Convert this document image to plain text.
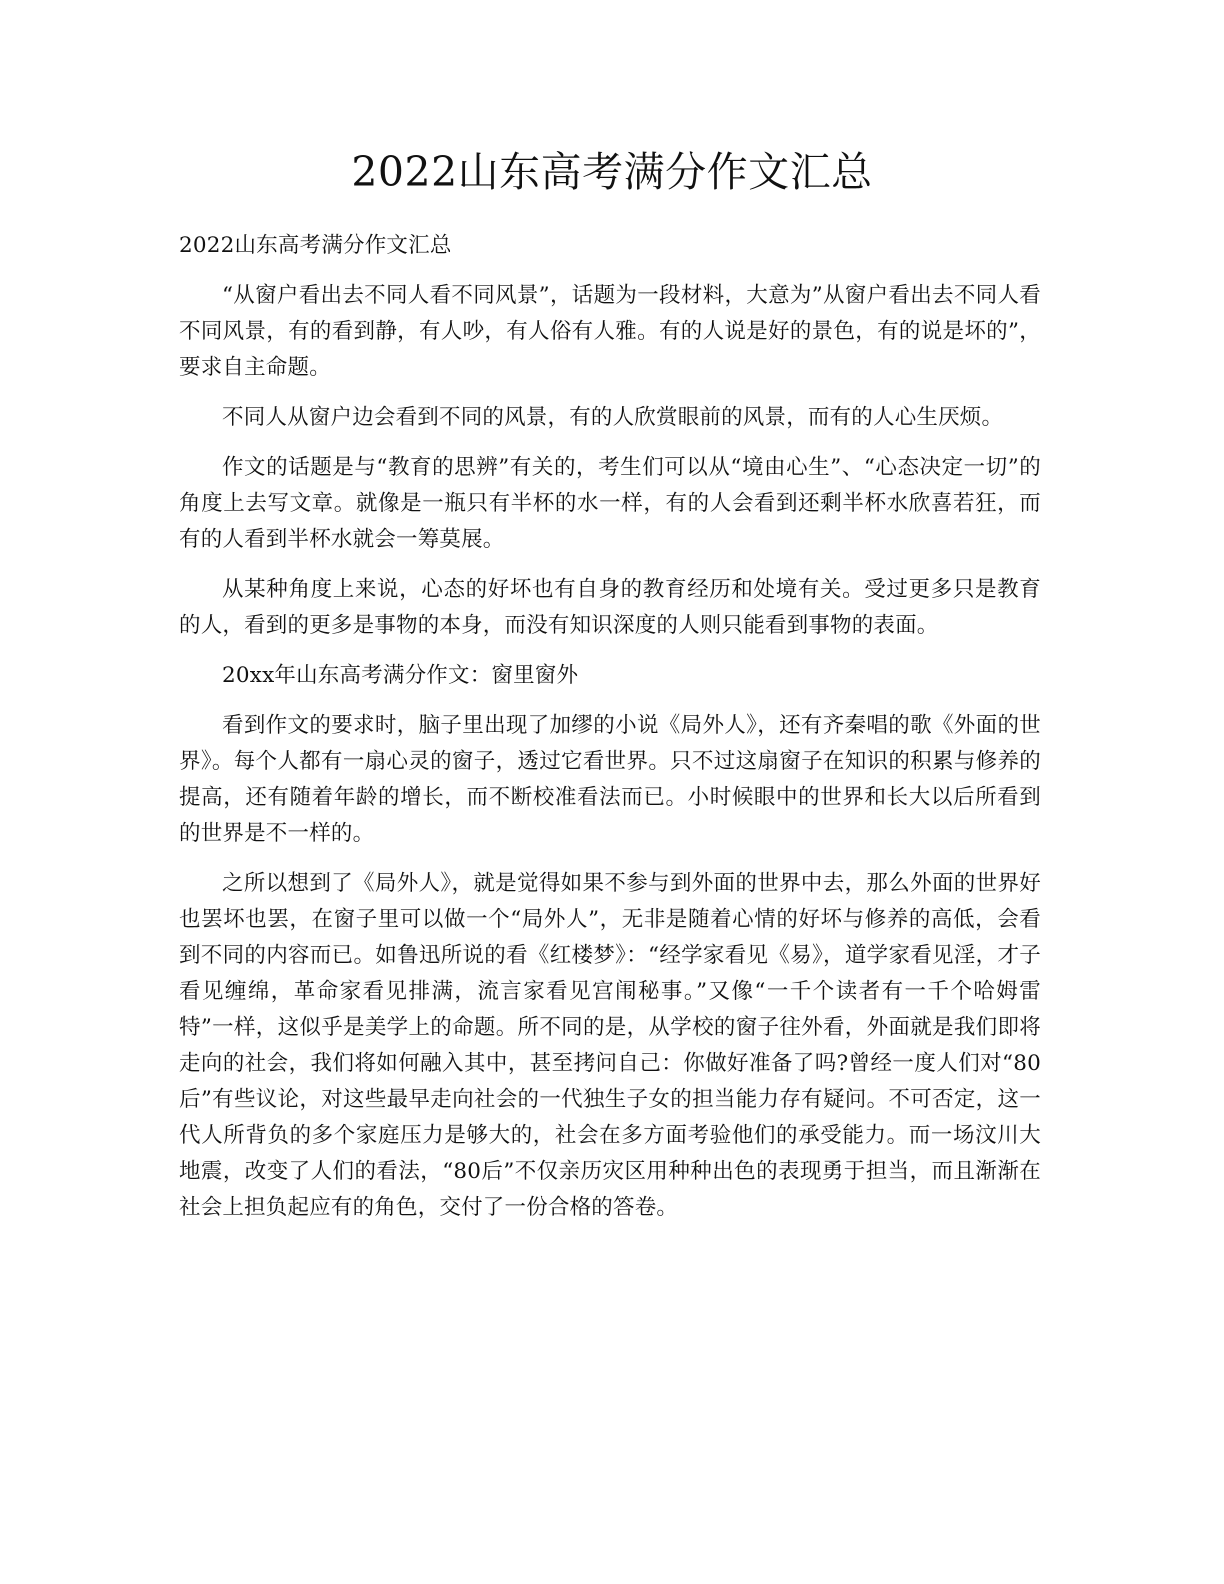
2022山东高考满分作文汇总

2022山东高考满分作文汇总

“从窗户看出去不同人看不同风景”，话题为一段材料，大意为”从窗户看出去不同人看不同风景，有的看到静，有人吵，有人俗有人雅。有的人说是好的景色，有的说是坏的”，要求自主命题。

不同人从窗户边会看到不同的风景，有的人欣赏眼前的风景，而有的人心生厌烦。

作文的话题是与“教育的思辨”有关的，考生们可以从“境由心生”、“心态决定一切”的角度上去写文章。就像是一瓶只有半杯的水一样，有的人会看到还剩半杯水欣喜若狂，而有的人看到半杯水就会一筹莫展。

从某种角度上来说，心态的好坏也有自身的教育经历和处境有关。受过更多只是教育的人，看到的更多是事物的本身，而没有知识深度的人则只能看到事物的表面。

20xx年山东高考满分作文：窗里窗外

看到作文的要求时，脑子里出现了加缪的小说《局外人》，还有齐秦唱的歌《外面的世界》。每个人都有一扇心灵的窗子，透过它看世界。只不过这扇窗子在知识的积累与修养的提高，还有随着年龄的增长，而不断校准看法而已。小时候眼中的世界和长大以后所看到的世界是不一样的。

之所以想到了《局外人》，就是觉得如果不参与到外面的世界中去，那么外面的世界好也罢坏也罢，在窗子里可以做一个“局外人”，无非是随着心情的好坏与修养的高低，会看到不同的内容而已。如鲁迅所说的看《红楼梦》：“经学家看见《易》，道学家看见淫，才子看见缠绵，革命家看见排满，流言家看见宫闱秘事。”又像“一千个读者有一千个哈姆雷特”一样，这似乎是美学上的命题。所不同的是，从学校的窗子往外看，外面就是我们即将走向的社会，我们将如何融入其中，甚至拷问自己：你做好准备了吗?曾经一度人们对“80后”有些议论，对这些最早走向社会的一代独生子女的担当能力存有疑问。不可否定，这一代人所背负的多个家庭压力是够大的，社会在多方面考验他们的承受能力。而一场汶川大地震，改变了人们的看法，“80后”不仅亲历灾区用种种出色的表现勇于担当，而且渐渐在社会上担负起应有的角色，交付了一份合格的答卷。
